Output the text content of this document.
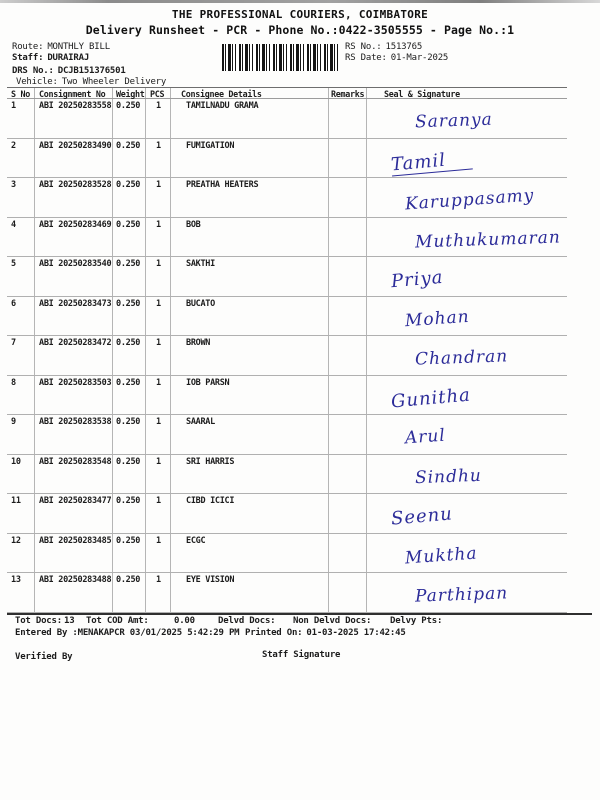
THE PROFESSIONAL COURIERS, COIMBATORE
Delivery Runsheet - PCR - Phone No.:0422-3505555 - Page No.:1
Route: MONTHLY BILL
Staff: DURAIRAJ
DRS No.: DCJB151376501
Vehicle: Two Wheeler Delivery
RS No.: 1513765
RS Date: 01-Mar-2025
S No	Consignment No	Weight PCS	Consignee Details	Remarks	Seal & Signature
1	ABI 20250283558 0.250	1	TAMILNADU GRAMA
Saranya
2	ABI 20250283490 0.250	1	FUMIGATION
Tamil
3	ABI 20250283528 0.250	1	PREATHA HEATERS
Karuppasamy
4	ABI 20250283469 0.250	1	BOB
Muthukumaran
5	ABI 20250283540 0.250	1	SAKTHI
Priya
6	ABI 20250283473 0.250	1	BUCATO
Mohan
7	ABI 20250283472 0.250	1	BROWN
Chandran
8	ABI 20250283503 0.250	1	IOB PARSN
Gunitha
9	ABI 20250283538 0.250	1	SAARAL
Arul
10	ABI 20250283548 0.250	1	SRI HARRIS
Sindhu
11	ABI 20250283477 0.250	1	CIBD ICICI
Seenu
12	ABI 20250283485 0.250	1	ECGC
Muktha
13	ABI 20250283488 0.250	1	EYE VISION
Parthipan
Tot Docs: 13 Tot COD Amt:	0.00	Delvd Docs: Non Delvd Docs: Delvy Pts:
Entered By :MENAKAPCR 03/01/2025 5:42:29 PM Printed On: 01-03-2025 17:42:45
Verified By	Staff Signature
